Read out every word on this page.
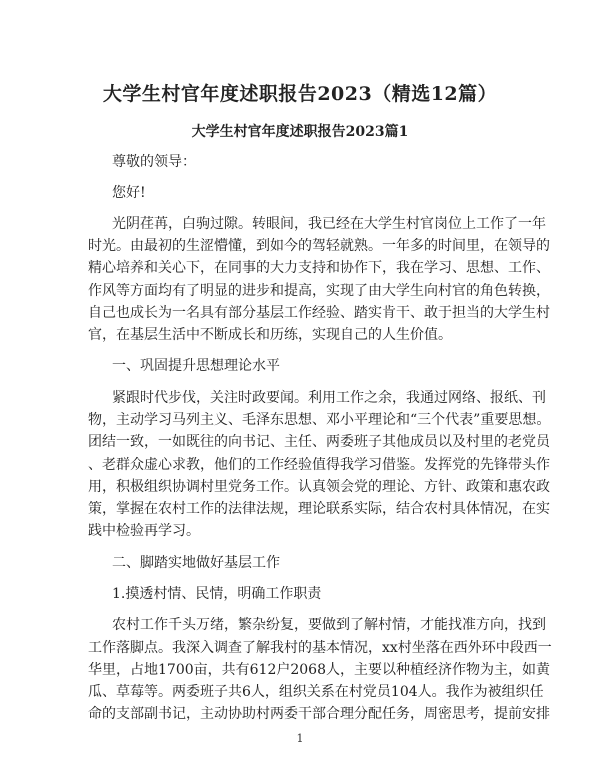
大学生村官年度述职报告2023（精选12篇）
大学生村官年度述职报告2023篇1
尊敬的领导：
您好!
光阴荏苒，白驹过隙。转眼间，我已经在大学生村官岗位上工作了一年
时光。由最初的生涩懵懂，到如今的驾轻就熟。一年多的时间里，在领导的
精心培养和关心下，在同事的大力支持和协作下，我在学习、思想、工作、
作风等方面均有了明显的进步和提高，实现了由大学生向村官的角色转换，
自己也成长为一名具有部分基层工作经验、踏实肯干、敢于担当的大学生村
官，在基层生活中不断成长和历练，实现自己的人生价值。
一、巩固提升思想理论水平
紧跟时代步伐，关注时政要闻。利用工作之余，我通过网络、报纸、刊
物，主动学习马列主义、毛泽东思想、邓小平理论和“三个代表”重要思想。
团结一致，一如既往的向书记、主任、两委班子其他成员以及村里的老党员
、老群众虚心求教，他们的工作经验值得我学习借鉴。发挥党的先锋带头作
用，积极组织协调村里党务工作。认真领会党的理论、方针、政策和惠农政
策，掌握在农村工作的法律法规，理论联系实际，结合农村具体情况，在实
践中检验再学习。
二、脚踏实地做好基层工作
1.摸透村情、民情，明确工作职责
农村工作千头万绪，繁杂纷复，要做到了解村情，才能找准方向，找到
工作落脚点。我深入调查了解我村的基本情况，xx村坐落在西外环中段西一
华里，占地1700亩，共有612户2068人，主要以种植经济作物为主，如黄
瓜、草莓等。两委班子共6人，组织关系在村党员104人。我作为被组织任
命的支部副书记，主动协助村两委干部合理分配任务，周密思考，提前安排
1
